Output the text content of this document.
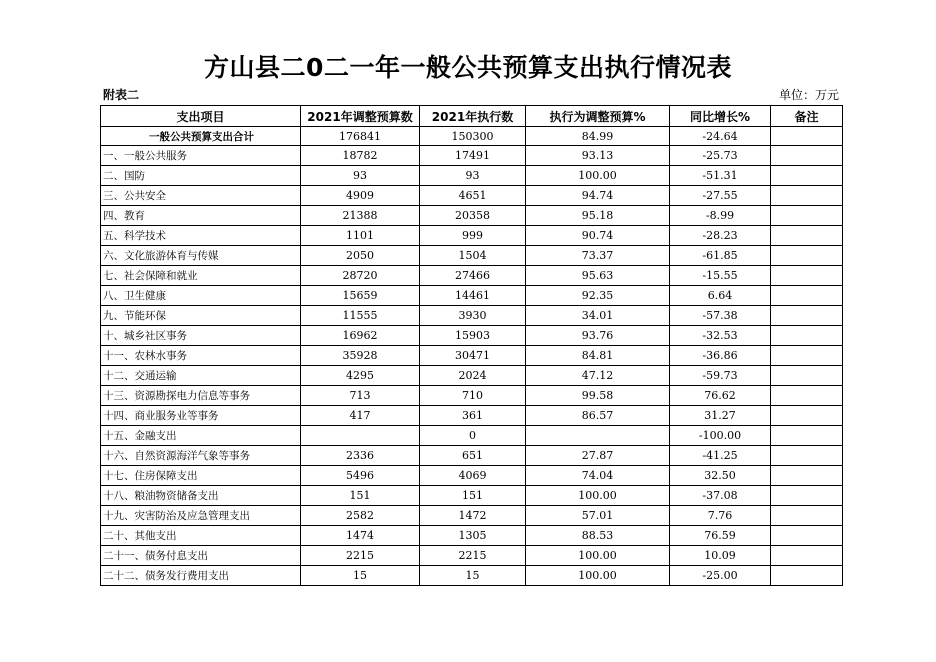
方山县二0二一年一般公共预算支出执行情况表
附表二	单位：万元
支出项目	2021年调整预算数	2021年执行数	执行为调整预算%	同比增长%	备注
一般公共预算支出合计	176841	150300	84.99	-24.64	
一、一般公共服务	18782	17491	93.13	-25.73	
二、国防	93	93	100.00	-51.31	
三、公共安全	4909	4651	94.74	-27.55	
四、教育	21388	20358	95.18	-8.99	
五、科学技术	1101	999	90.74	-28.23	
六、文化旅游体育与传媒	2050	1504	73.37	-61.85	
七、社会保障和就业	28720	27466	95.63	-15.55	
八、卫生健康	15659	14461	92.35	6.64	
九、节能环保	11555	3930	34.01	-57.38	
十、城乡社区事务	16962	15903	93.76	-32.53	
十一、农林水事务	35928	30471	84.81	-36.86	
十二、交通运输	4295	2024	47.12	-59.73	
十三、资源勘探电力信息等事务	713	710	99.58	76.62	
十四、商业服务业等事务	417	361	86.57	31.27	
十五、金融支出		0		-100.00	
十六、自然资源海洋气象等事务	2336	651	27.87	-41.25	
十七、住房保障支出	5496	4069	74.04	32.50	
十八、粮油物资储备支出	151	151	100.00	-37.08	
十九、灾害防治及应急管理支出	2582	1472	57.01	7.76	
二十、其他支出	1474	1305	88.53	76.59	
二十一、债务付息支出	2215	2215	100.00	10.09	
二十二、债务发行费用支出	15	15	100.00	-25.00	
